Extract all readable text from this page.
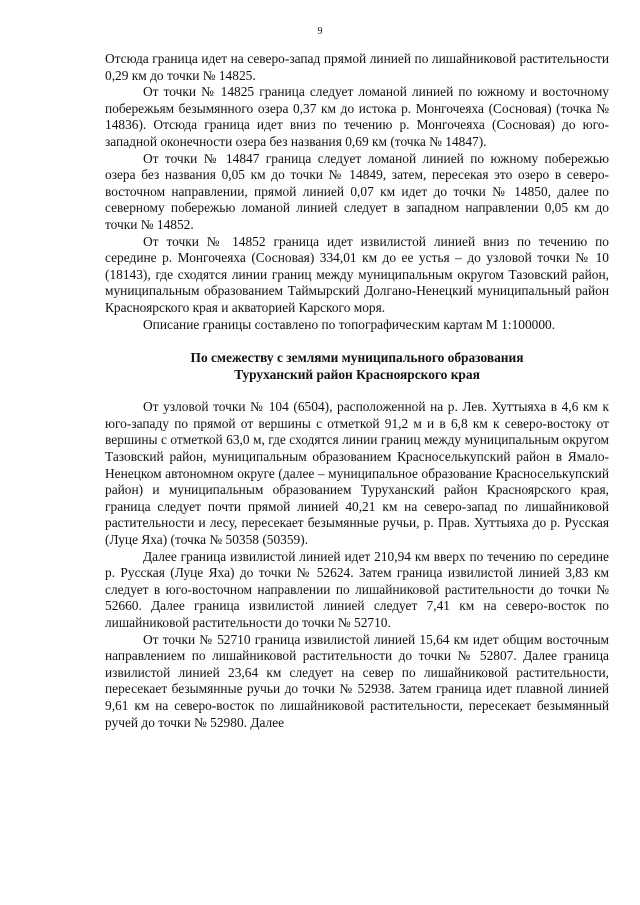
9

Отсюда граница идет на северо-запад прямой линией по лишайниковой растительности 0,29 км до точки № 14825.

От точки № 14825 граница следует ломаной линией по южному и восточному побережьям безымянного озера 0,37 км до истока р. Монгочеяха (Сосновая) (точка № 14836). Отсюда граница идет вниз по течению р. Монгочеяха (Сосновая) до юго-западной оконечности озера без названия 0,69 км (точка № 14847).

От точки № 14847 граница следует ломаной линией по южному побережью озера без названия 0,05 км до точки № 14849, затем, пересекая это озеро в северо-восточном направлении, прямой линией 0,07 км идет до точки № 14850, далее по северному побережью ломаной линией следует в западном направлении 0,05 км до точки № 14852.

От точки № 14852 граница идет извилистой линией вниз по течению по середине р. Монгочеяха (Сосновая) 334,01 км до ее устья – до узловой точки № 10 (18143), где сходятся линии границ между муниципальным округом Тазовский район, муниципальным образованием Таймырский Долгано-Ненецкий муниципальный район Красноярского края и акваторией Карского моря.

Описание границы составлено по топографическим картам М 1:100000.

По смежеству с землями муниципального образования
Туруханский район Красноярского края

От узловой точки № 104 (6504), расположенной на р. Лев. Хуттыяха в 4,6 км к юго-западу по прямой от вершины с отметкой 91,2 м и в 6,8 км к северо-востоку от вершины с отметкой 63,0 м, где сходятся линии границ между муниципальным округом Тазовский район, муниципальным образованием Красноселькупский район в Ямало-Ненецком автономном округе (далее – муниципальное образование Красноселькупский район) и муниципальным образованием Туруханский район Красноярского края, граница следует почти прямой линией 40,21 км на северо-запад по лишайниковой растительности и лесу, пересекает безымянные ручьи, р. Прав. Хуттыяха до р. Русская (Луце Яха) (точка № 50358 (50359).

Далее граница извилистой линией идет 210,94 км вверх по течению по середине р. Русская (Луце Яха) до точки № 52624. Затем граница извилистой линией 3,83 км следует в юго-восточном направлении по лишайниковой растительности до точки № 52660. Далее граница извилистой линией следует 7,41 км на северо-восток по лишайниковой растительности до точки № 52710.

От точки № 52710 граница извилистой линией 15,64 км идет общим восточным направлением по лишайниковой растительности до точки № 52807. Далее граница извилистой линией 23,64 км следует на север по лишайниковой растительности, пересекает безымянные ручьи до точки № 52938. Затем граница идет плавной линией 9,61 км на северо-восток по лишайниковой растительности, пересекает безымянный ручей до точки № 52980. Далее
